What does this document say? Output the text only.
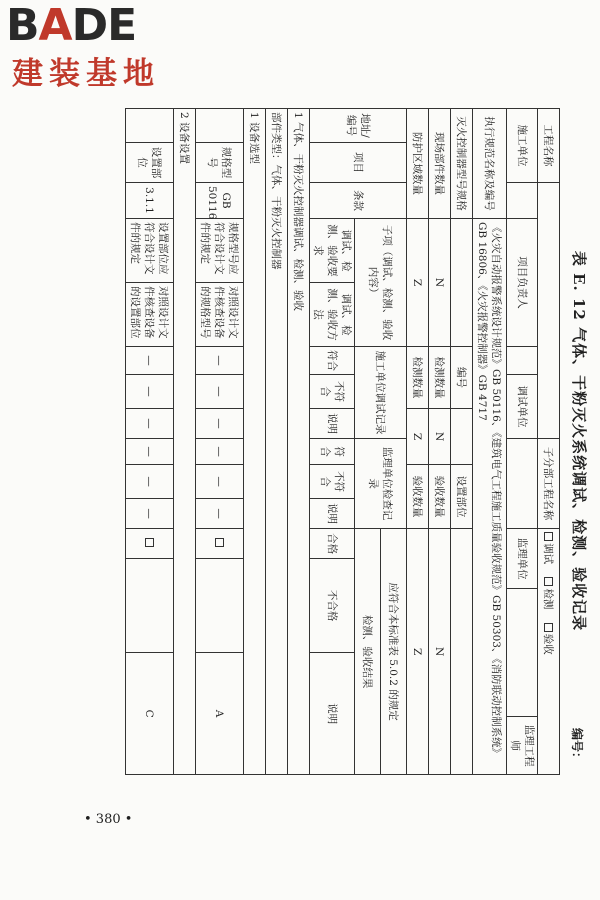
BADE
建装基地
• 380 •
表 E. 12 气体、干粉灭火系统调试、检测、验收记录
编号：
工程名称								子分部工程名称			调试    检测    验收				
施工单位			项目负责人			调试单位					监理单位				监理工程师
执行规范名称及编号			《火灾自动报警系统设计规范》GB 50116、《建筑电气工程施工质量验收规范》GB 50303、《消防联动控制系统》GB 16806、《火灾报警控制器》GB 4717												
灭火控制器型号规格					编号				设置部位						
现场部件数量			N		检测数量		N		验收数量		N				
防护区域数量			Z		检测数量		Z		验收数量		Z				
地址/编号	项目	条款	子项（调试、检测、验收内容）		施工单位调试记录			监理单位检查记录			应符合本标准表 5.0.2 的规定				
											检测、验收结果				
			调试、检测、验收要求	调试、检测、验收方法	符合	不符合	说明	符合	不符合	说明	合格	不合格		说明	
1 气体、干粉灭火控制器调试、检测、验收															
部件类型：气体、干粉灭火控制器															
1 设备选型															
	规格型号	GB 50116	规格型号应符合设计文件的规定	对照设计文件核查设备的规格型号	—	—	—	—	—	—				A	
2 设备设置															
	设置部位	3.1.1	设置部位应符合设计文件的规定	对照设计文件核查设备的设置部位	—	—	—	—	—	—				C	
